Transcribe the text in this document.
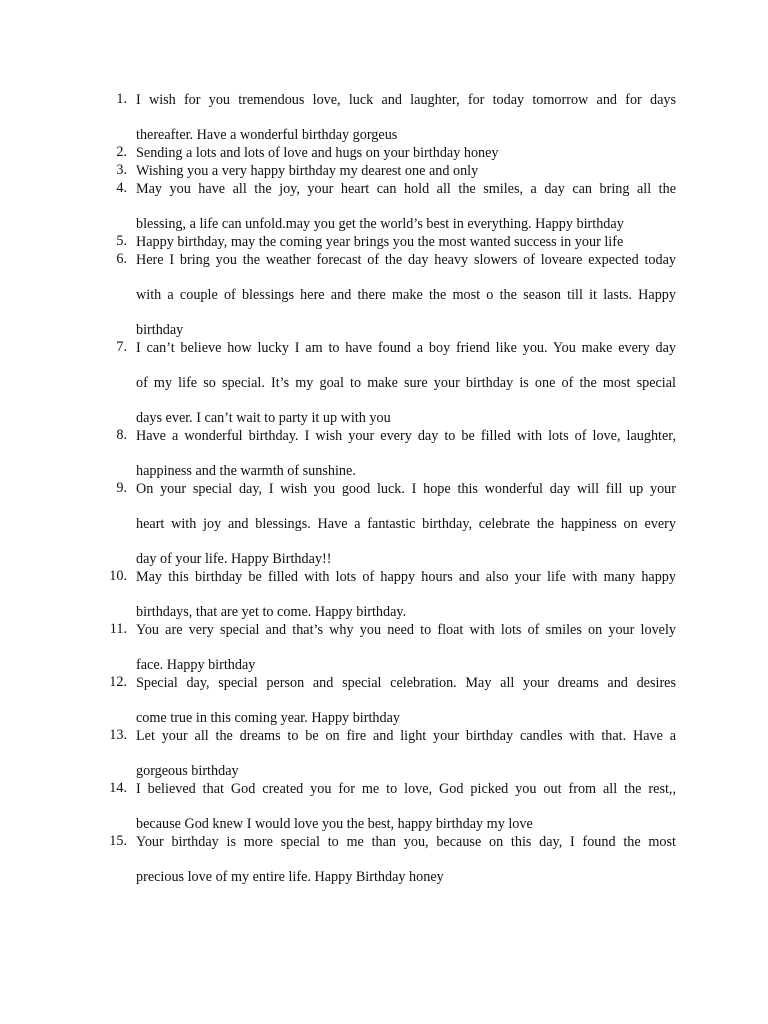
1. I wish for you tremendous love, luck and laughter, for today tomorrow and for days
thereafter. Have a wonderful birthday gorgeus
2. Sending a lots and lots of love and hugs on your birthday honey
3. Wishing you a very happy birthday my dearest one and only
4. May you have all the joy, your heart can hold all the smiles, a day can bring all the
blessing, a life can unfold.may you get the world’s best in everything. Happy birthday
5. Happy birthday, may the coming year brings you the most wanted success in your life
6. Here I bring you the weather forecast of the day heavy slowers of loveare expected today
with a couple of blessings here and there make the most o the season till it lasts. Happy
birthday
7. I can’t believe how lucky I am to have found a boy friend like you. You make every day
of my life so special. It’s my goal to make sure your birthday is one of the most special
days ever. I can’t wait to party it up with you
8. Have a wonderful birthday. I wish your every day to be filled with lots of love, laughter,
happiness and the warmth of sunshine.
9. On your special day, I wish you good luck. I hope this wonderful day will fill up your
heart with joy and blessings. Have a fantastic birthday, celebrate the happiness on every
day of your life. Happy Birthday!!
10. May this birthday be filled with lots of happy hours and also your life with many happy
birthdays, that are yet to come. Happy birthday.
11. You are very special and that’s why you need to float with lots of smiles on your lovely
face. Happy birthday
12. Special day, special person and special celebration. May all your dreams and desires
come true in this coming year. Happy birthday
13. Let your all the dreams to be on fire and light your birthday candles with that. Have a
gorgeous birthday
14. I believed that God created you for me to love, God picked you out from all the rest,,
because God knew I would love you the best, happy birthday my love
15. Your birthday is more special to me than you, because on this day, I found the most
precious love of my entire life. Happy Birthday honey
